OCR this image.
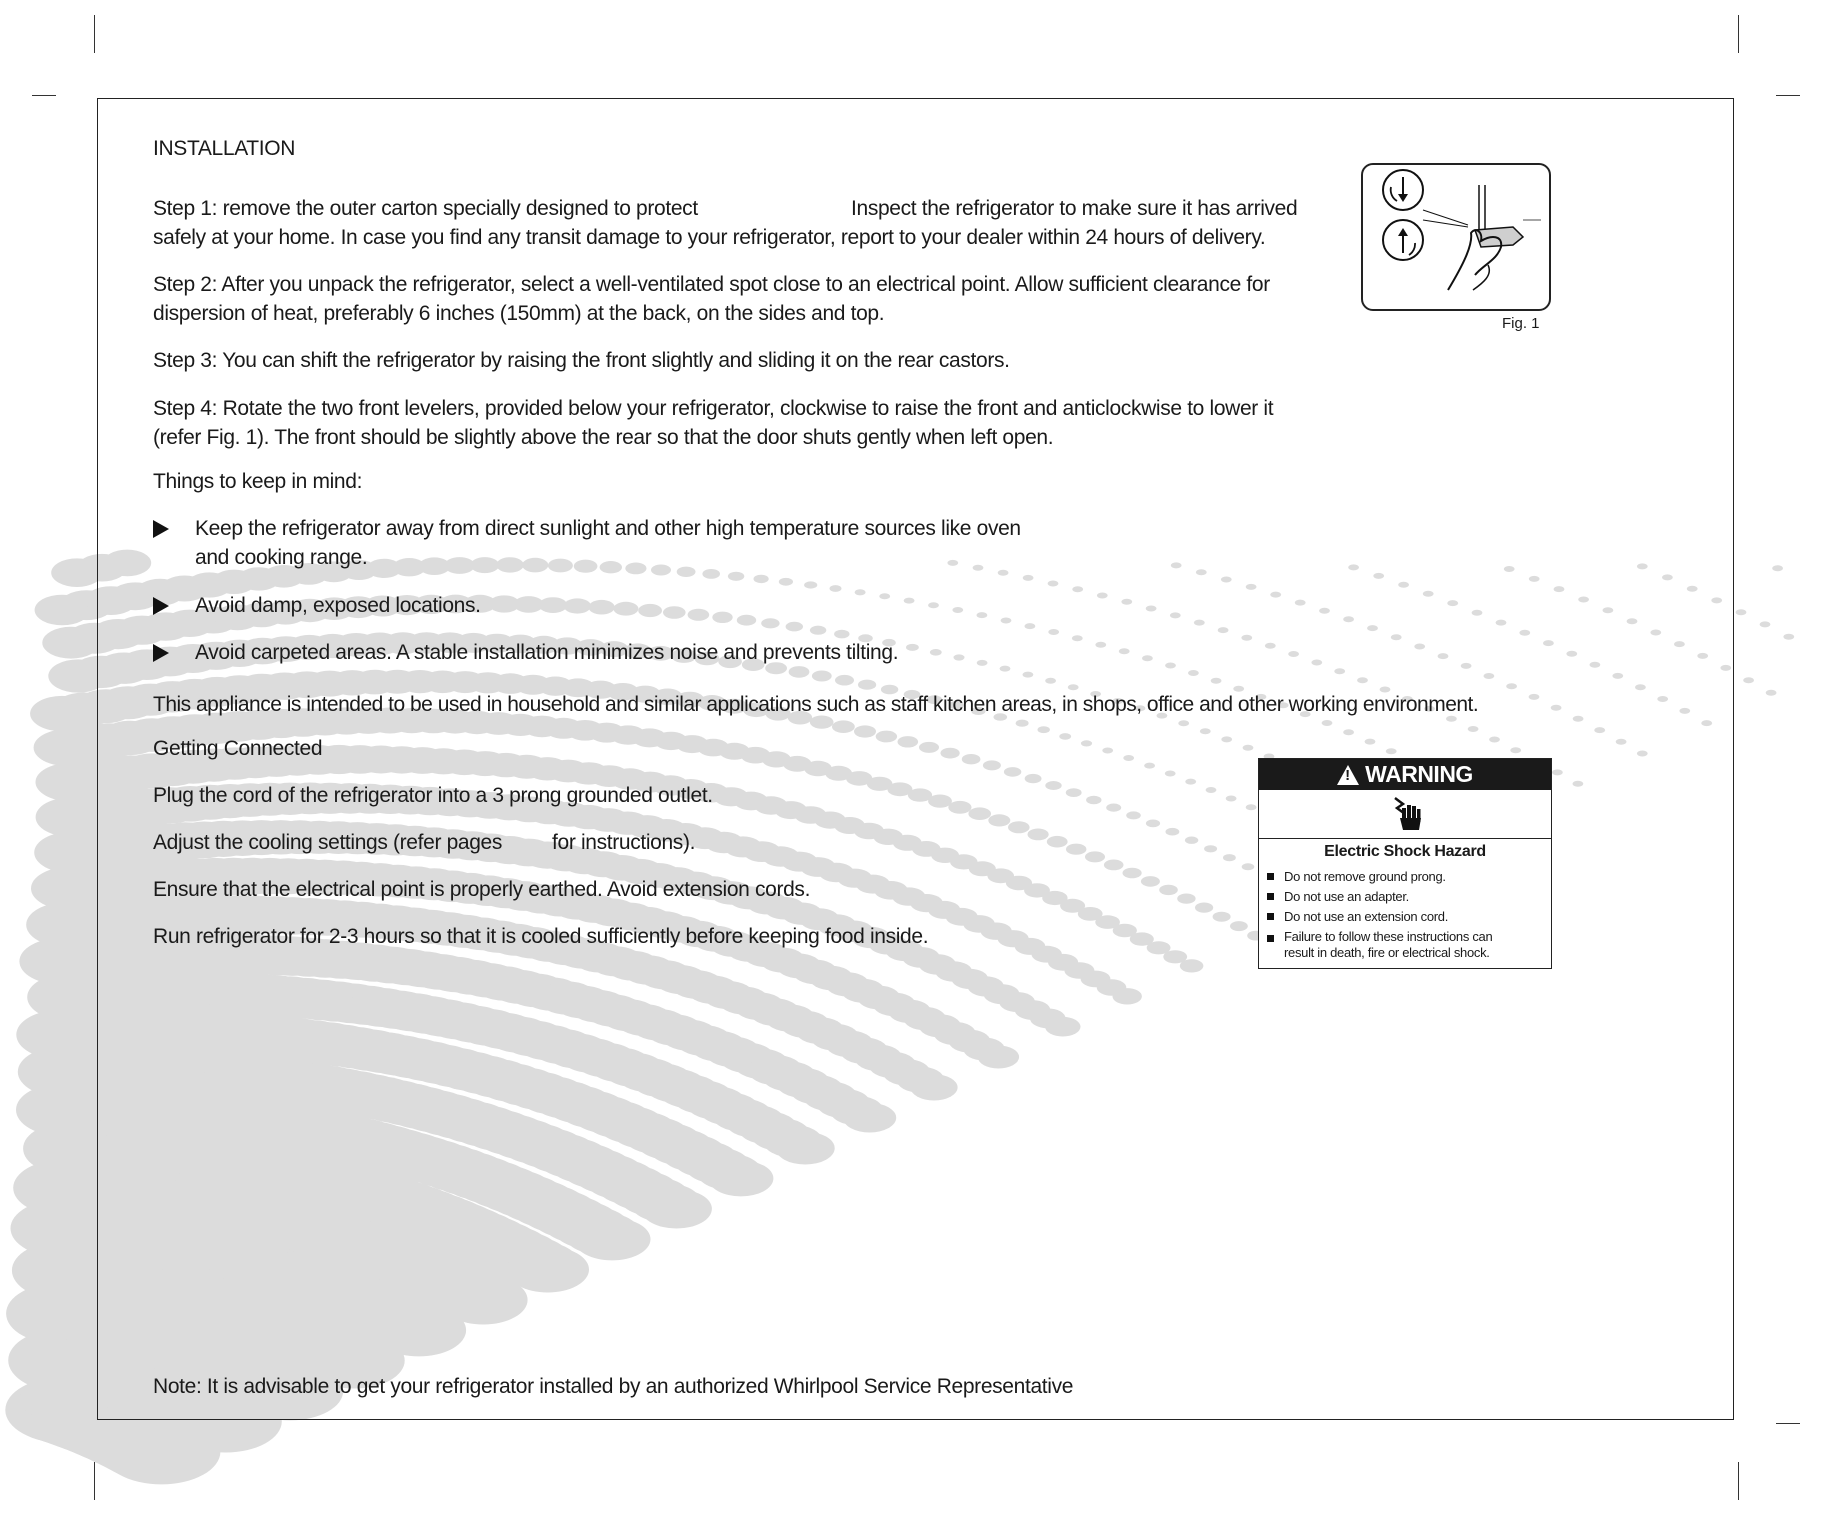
INSTALLATION
Step 1: remove the outer carton specially designed to protect	Inspect the refrigerator to make sure it has arrived
safely at your home. In case you find any transit damage to your refrigerator, report to your dealer within 24 hours of delivery.
Step 2: After you unpack the refrigerator, select a well-ventilated spot close to an electrical point. Allow sufficient clearance for
dispersion of heat, preferably 6 inches (150mm) at the back, on the sides and top.
Step 3: You can shift the refrigerator by raising the front slightly and sliding it on the rear castors.
Step 4: Rotate the two front levelers, provided below your refrigerator, clockwise to raise the front and anticlockwise to lower it
(refer Fig. 1). The front should be slightly above the rear so that the door shuts gently when left open.
Things to keep in mind:
Keep the refrigerator away from direct sunlight and other high temperature sources like oven
and cooking range.
Avoid damp, exposed locations.
Avoid carpeted areas. A stable installation minimizes noise and prevents tilting.
This appliance is intended to be used in household and similar applications such as staff kitchen areas, in shops, office and other working environment.
Getting Connected
Plug the cord of the refrigerator into a 3 prong grounded outlet.
Adjust the cooling settings (refer pages for instructions).
Ensure that the electrical point is properly earthed. Avoid extension cords.
Run refrigerator for 2-3 hours so that it is cooled sufficiently before keeping food inside.
Note: It is advisable to get your refrigerator installed by an authorized Whirlpool Service Representative
Fig. 1
!
WARNING
Electric Shock Hazard
Do not remove ground prong.
Do not use an adapter.
Do not use an extension cord.
Failure to follow these instructions can
result in death, fire or electrical shock.
